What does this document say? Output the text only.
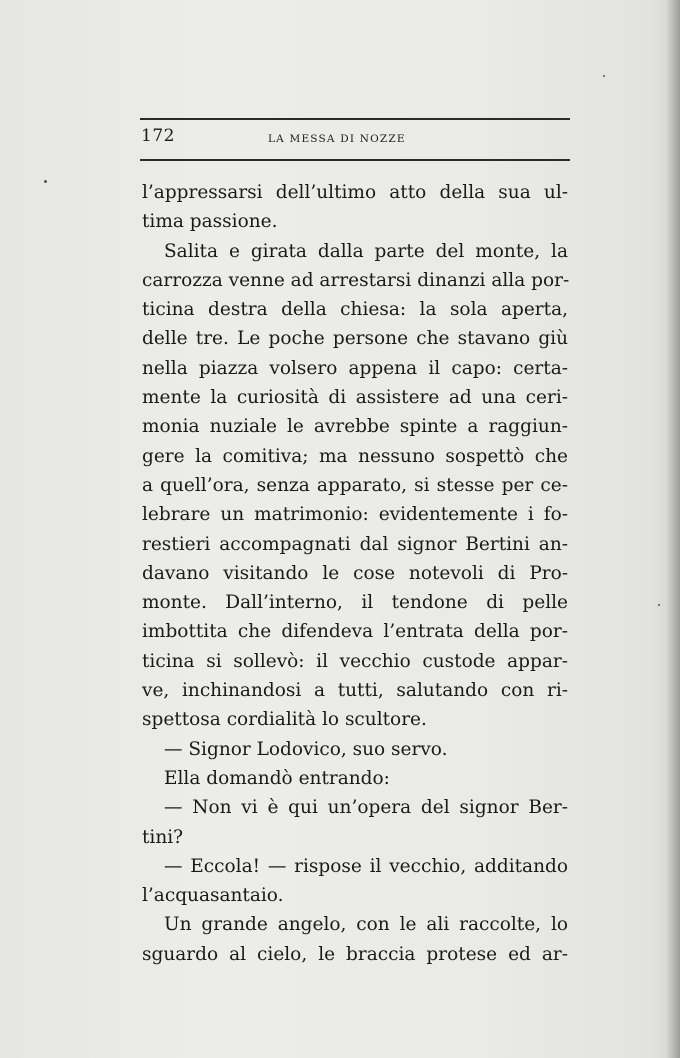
172	LA MESSA DI NOZZE
l’appressarsi dell’ultimo atto della sua ul-
tima passione.
Salita e girata dalla parte del monte, la
carrozza venne ad arrestarsi dinanzi alla por-
ticina destra della chiesa: la sola aperta,
delle tre. Le poche persone che stavano giù
nella piazza volsero appena il capo: certa-
mente la curiosità di assistere ad una ceri-
monia nuziale le avrebbe spinte a raggiun-
gere la comitiva; ma nessuno sospettò che
a quell’ora, senza apparato, si stesse per ce-
lebrare un matrimonio: evidentemente i fo-
restieri accompagnati dal signor Bertini an-
davano visitando le cose notevoli di Pro-
monte. Dall’interno, il tendone di pelle
imbottita che difendeva l’entrata della por-
ticina si sollevò: il vecchio custode appar-
ve, inchinandosi a tutti, salutando con ri-
spettosa cordialità lo scultore.
— Signor Lodovico, suo servo.
Ella domandò entrando:
— Non vi è qui un’opera del signor Ber-
tini?
— Eccola! — rispose il vecchio, additando
l’acquasantaio.
Un grande angelo, con le ali raccolte, lo
sguardo al cielo, le braccia protese ed ar-
